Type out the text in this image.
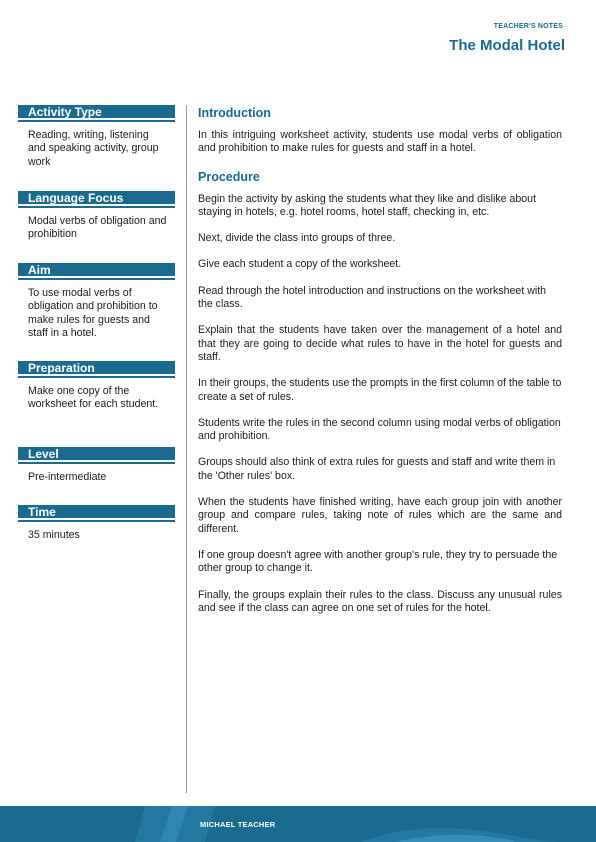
TEACHER'S NOTES
The Modal Hotel
Activity Type
Reading, writing, listening and speaking activity, group work
Language Focus
Modal verbs of obligation and prohibition
Aim
To use modal verbs of obligation and prohibition to make rules for guests and staff in a hotel.
Preparation
Make one copy of the worksheet for each student.
Level
Pre-intermediate
Time
35 minutes
Introduction

In this intriguing worksheet activity, students use modal verbs of obligation and prohibition to make rules for guests and staff in a hotel.

Procedure

Begin the activity by asking the students what they like and dislike about staying in hotels, e.g. hotel rooms, hotel staff, checking in, etc.

Next, divide the class into groups of three.

Give each student a copy of the worksheet.

Read through the hotel introduction and instructions on the worksheet with the class.

Explain that the students have taken over the management of a hotel and that they are going to decide what rules to have in the hotel for guests and staff.

In their groups, the students use the prompts in the first column of the table to create a set of rules.

Students write the rules in the second column using modal verbs of obligation and prohibition.

Groups should also think of extra rules for guests and staff and write them in the 'Other rules' box.

When the students have finished writing, have each group join with another group and compare rules, taking note of rules which are the same and different.

If one group doesn't agree with another group's rule, they try to persuade the other group to change it.

Finally, the groups explain their rules to the class. Discuss any unusual rules and see if the class can agree on one set of rules for the hotel.

MICHAEL TEACHER
